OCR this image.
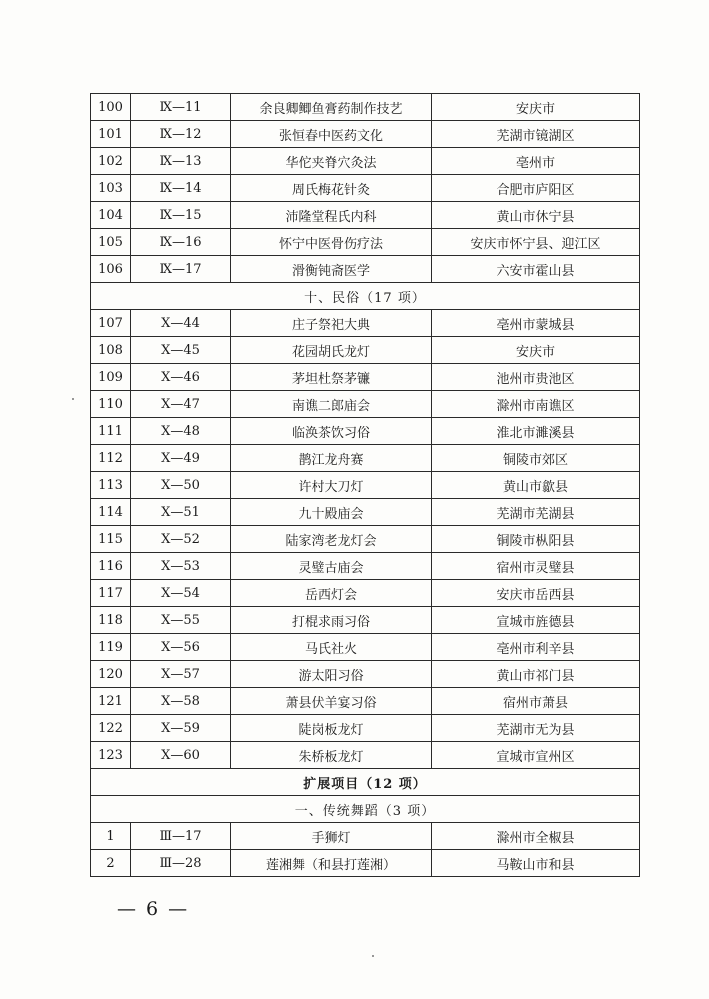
100	Ⅸ—11	余良卿鲫鱼膏药制作技艺	安庆市
101	Ⅸ—12	张恒春中医药文化	芜湖市镜湖区
102	Ⅸ—13	华佗夹脊穴灸法	亳州市
103	Ⅸ—14	周氏梅花针灸	合肥市庐阳区
104	Ⅸ—15	沛隆堂程氏内科	黄山市休宁县
105	Ⅸ—16	怀宁中医骨伤疗法	安庆市怀宁县、迎江区
106	Ⅸ—17	滑衡钝斋医学	六安市霍山县
十、民俗（17 项）			
107	Ⅹ—44	庄子祭祀大典	亳州市蒙城县
108	Ⅹ—45	花园胡氏龙灯	安庆市
109	Ⅹ—46	茅坦杜祭茅镰	池州市贵池区
110	Ⅹ—47	南谯二郎庙会	滁州市南谯区
111	Ⅹ—48	临涣茶饮习俗	淮北市濉溪县
112	Ⅹ—49	鹊江龙舟赛	铜陵市郊区
113	Ⅹ—50	许村大刀灯	黄山市歙县
114	Ⅹ—51	九十殿庙会	芜湖市芜湖县
115	Ⅹ—52	陆家湾老龙灯会	铜陵市枞阳县
116	Ⅹ—53	灵璧古庙会	宿州市灵璧县
117	Ⅹ—54	岳西灯会	安庆市岳西县
118	Ⅹ—55	打棍求雨习俗	宣城市旌德县
119	Ⅹ—56	马氏社火	亳州市利辛县
120	Ⅹ—57	游太阳习俗	黄山市祁门县
121	Ⅹ—58	萧县伏羊宴习俗	宿州市萧县
122	Ⅹ—59	陡岗板龙灯	芜湖市无为县
123	Ⅹ—60	朱桥板龙灯	宣城市宣州区
扩展项目（12 项）			
一、传统舞蹈（3 项）			
1	Ⅲ—17	手狮灯	滁州市全椒县
2	Ⅲ—28	莲湘舞（和县打莲湘）	马鞍山市和县
— 6 —
